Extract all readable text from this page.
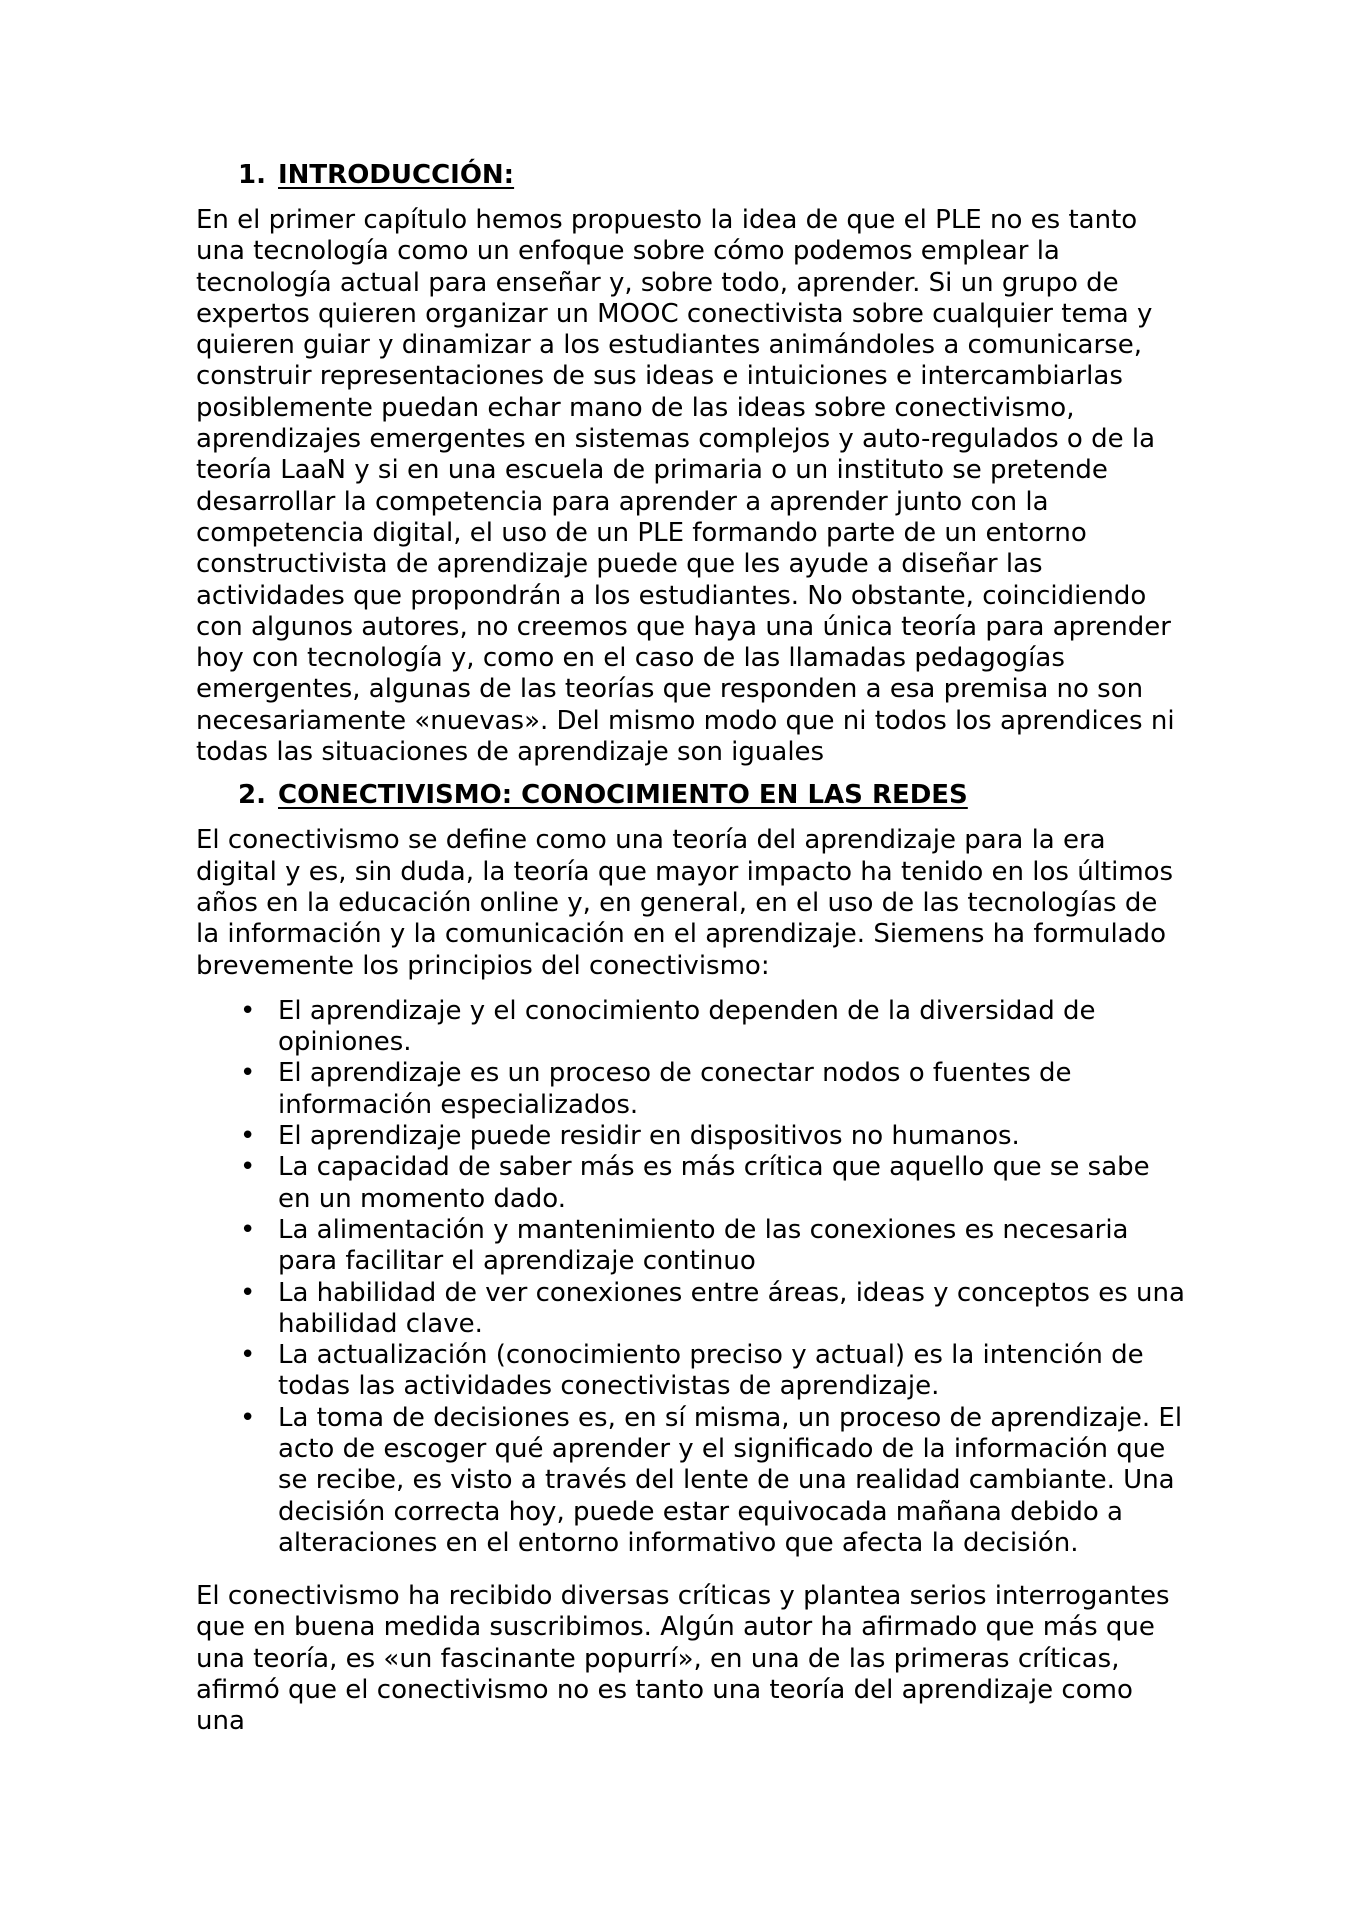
1. INTRODUCCIÓN:

En el primer capítulo hemos propuesto la idea de que el PLE no es tanto una tecnología como un enfoque sobre cómo podemos emplear la tecnología actual para enseñar y, sobre todo, aprender. Si un grupo de expertos quieren organizar un MOOC conectivista sobre cualquier tema y quieren guiar y dinamizar a los estudiantes animándoles a comunicarse, construir representaciones de sus ideas e intuiciones e intercambiarlas posiblemente puedan echar mano de las ideas sobre conectivismo, aprendizajes emergentes en sistemas complejos y auto-regulados o de la teoría LaaN y si en una escuela de primaria o un instituto se pretende desarrollar la competencia para aprender a aprender junto con la competencia digital, el uso de un PLE formando parte de un entorno constructivista de aprendizaje puede que les ayude a diseñar las actividades que propondrán a los estudiantes. No obstante, coincidiendo con algunos autores, no creemos que haya una única teoría para aprender hoy con tecnología y, como en el caso de las llamadas pedagogías emergentes, algunas de las teorías que responden a esa premisa no son necesariamente «nuevas». Del mismo modo que ni todos los aprendices ni todas las situaciones de aprendizaje son iguales

2. CONECTIVISMO: CONOCIMIENTO EN LAS REDES

El conectivismo se define como una teoría del aprendizaje para la era digital y es, sin duda, la teoría que mayor impacto ha tenido en los últimos años en la educación online y, en general, en el uso de las tecnologías de la información y la comunicación en el aprendizaje. Siemens ha formulado brevemente los principios del conectivismo:

• El aprendizaje y el conocimiento dependen de la diversidad de opiniones.
• El aprendizaje es un proceso de conectar nodos o fuentes de información especializados.
• El aprendizaje puede residir en dispositivos no humanos.
• La capacidad de saber más es más crítica que aquello que se sabe en un momento dado.
• La alimentación y mantenimiento de las conexiones es necesaria para facilitar el aprendizaje continuo
• La habilidad de ver conexiones entre áreas, ideas y conceptos es una habilidad clave.
• La actualización (conocimiento preciso y actual) es la intención de todas las actividades conectivistas de aprendizaje.
• La toma de decisiones es, en sí misma, un proceso de aprendizaje. El acto de escoger qué aprender y el significado de la información que se recibe, es visto a través del lente de una realidad cambiante. Una decisión correcta hoy, puede estar equivocada mañana debido a alteraciones en el entorno informativo que afecta la decisión.

El conectivismo ha recibido diversas críticas y plantea serios interrogantes que en buena medida suscribimos. Algún autor ha afirmado que más que una teoría, es «un fascinante popurrí», en una de las primeras críticas, afirmó que el conectivismo no es tanto una teoría del aprendizaje como una
